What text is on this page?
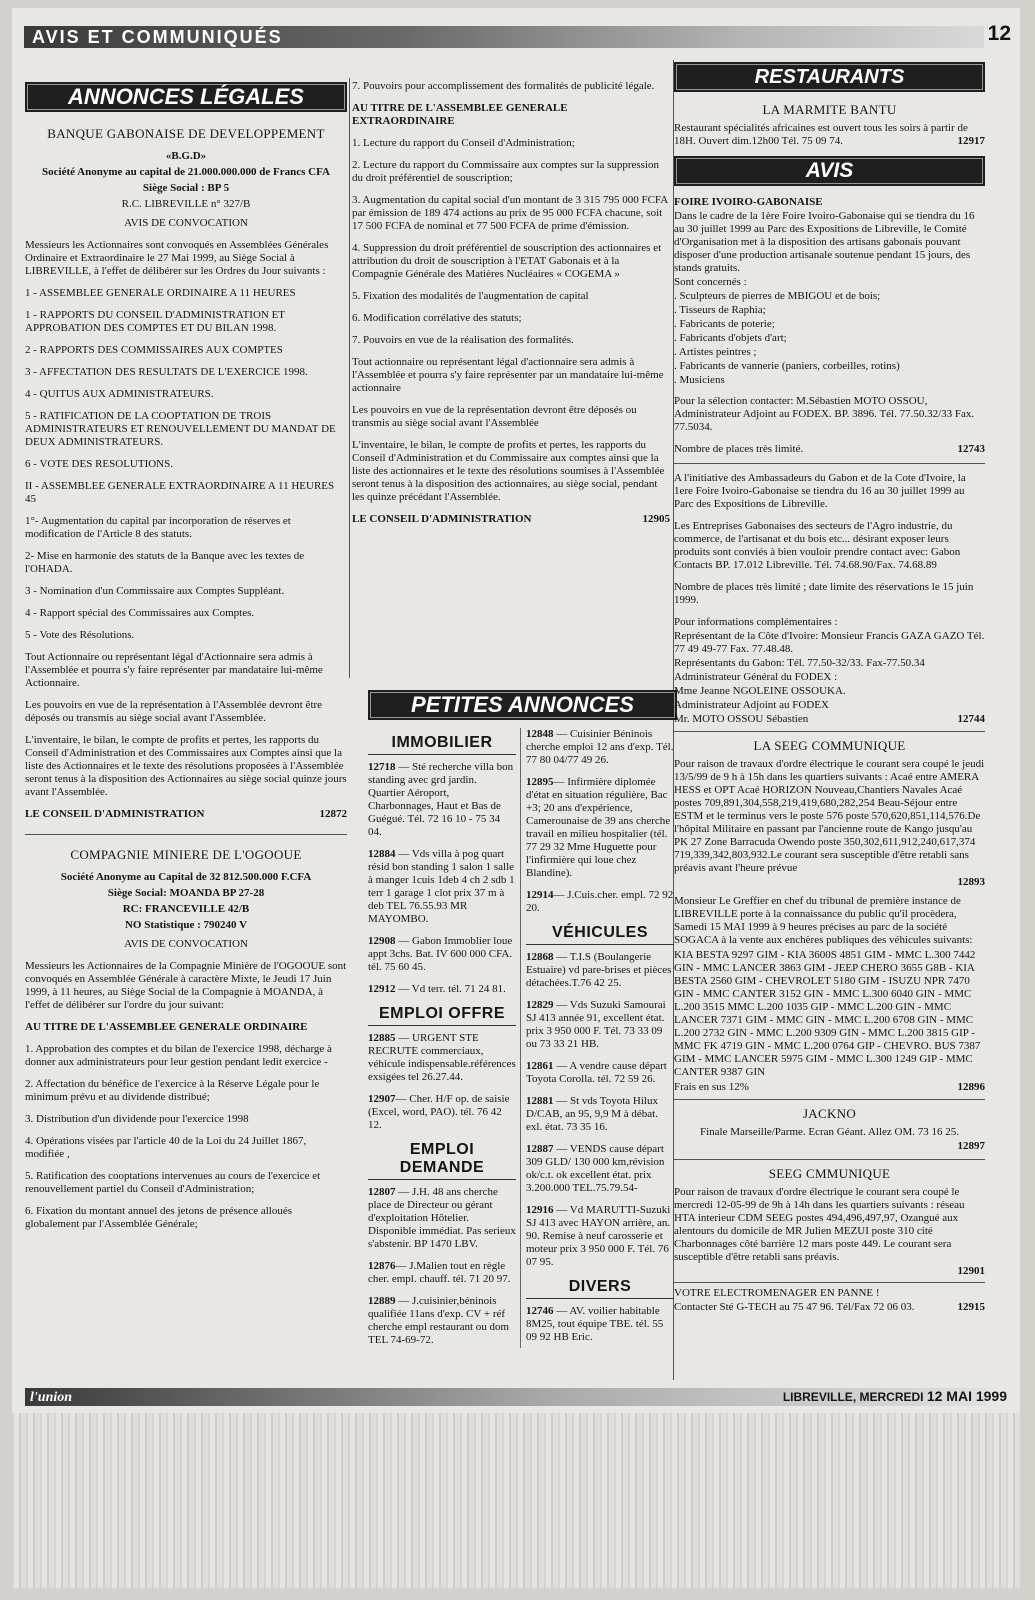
AVIS ET COMMUNIQUÉS	12
ANNONCES LÉGALES
BANQUE GABONAISE DE DEVELOPPEMENT

«B.G.D»

Société Anonyme au capital de 21.000.000.000 de Francs CFA

Siège Social : BP 5

R.C. LIBREVILLE n° 327/B

AVIS DE CONVOCATION

Messieurs les Actionnaires sont convoqués en Assemblées Générales Ordinaire et Extraordinaire le 27 Mai 1999, au Siège Social à LIBREVILLE, à l'effet de délibérer sur les Ordres du Jour suivants :

1 - ASSEMBLEE GENERALE ORDINAIRE A 11 HEURES

1 - RAPPORTS DU CONSEIL D'ADMINISTRATION ET APPROBATION DES COMPTES ET DU BILAN 1998.

2 - RAPPORTS DES COMMISSAIRES AUX COMPTES

3 - AFFECTATION DES RESULTATS DE L'EXERCICE 1998.

4 - QUITUS AUX ADMINISTRATEURS.

5 - RATIFICATION DE LA COOPTATION DE TROIS ADMINISTRATEURS ET RENOUVELLEMENT DU MANDAT DE DEUX ADMINISTRATEURS.

6 - VOTE DES RESOLUTIONS.

II - ASSEMBLEE GENERALE EXTRAORDINAIRE A 11 HEURES 45

1°- Augmentation du capital par incorporation de réserves et modification de l'Article 8 des statuts.

2- Mise en harmonie des statuts de la Banque avec les textes de l'OHADA.

3 - Nomination d'un Commissaire aux Comptes Suppléant.

4 - Rapport spécial des Commissaires aux Comptes.

5 - Vote des Résolutions.

Tout Actionnaire ou représentant légal d'Actionnaire sera admis à l'Assemblée et pourra s'y faire représenter par mandataire lui-même Actionnaire.

Les pouvoirs en vue de la représentation à l'Assemblée devront être déposés ou transmis au siège social avant l'Assemblée.

L'inventaire, le bilan, le compte de profits et pertes, les rapports du Conseil d'Administration et des Commissaires aux Comptes ainsi que la liste des Actionnaires et le texte des résolutions proposées à l'Assemblée seront tenus à la disposition des Actionnaires au siège social quinze jours avant l'Assemblée.

LE CONSEIL D'ADMINISTRATION	12872
COMPAGNIE MINIERE DE L'OGOOUE

Société Anonyme au Capital de 32 812.500.000 F.CFA

Siège Social: MOANDA BP 27-28

RC: FRANCEVILLE 42/B

NO Statistique : 790240 V

AVIS DE CONVOCATION

Messieurs les Actionnaires de la Compagnie Minière de l'OGOOUE sont convoqués en Assemblée Générale à caractère Mixte, le Jeudi 17 Juin 1999, à 11 heures, au Siège Social de la Compagnie à MOANDA, à l'effet de délibérer sur l'ordre du jour suivant:

AU TITRE DE L'ASSEMBLEE GENERALE ORDINAIRE

1. Approbation des comptes et du bilan de l'exercice 1998, décharge à donner aux administrateurs pour leur gestion pendant ledit exercice -

2. Affectation du bénéfice de l'exercice à la Réserve Légale pour le minimum prévu et au dividende distribué;

3. Distribution d'un dividende pour l'exercice 1998

4. Opérations visées par l'article 40 de la Loi du 24 Juillet 1867, modifiée ,

5. Ratification des cooptations intervenues au cours de l'exercice et renouvellement partiel du Conseil d'Administration;

6. Fixation du montant annuel des jetons de présence alloués globalement par l'Assemblée Générale;

7. Pouvoirs pour accomplissement des formalités de publicité légale.

AU TITRE DE L'ASSEMBLEE GENERALE EXTRAORDINAIRE

1. Lecture du rapport du Conseil d'Administration;

2. Lecture du rapport du Commissaire aux comptes sur la suppression du droit préférentiel de souscription;

3. Augmentation du capital social d'un montant de 3 315 795 000 FCFA par émission de 189 474 actions au prix de 95 000 FCFA chacune, soit 17 500 FCFA de nominal et 77 500 FCFA de prime d'émission.

4. Suppression du droit préférentiel de souscription des actionnaires et attribution du droit de souscription à l'ETAT Gabonais et à la Compagnie Générale des Matières Nucléaires « COGEMA »

5. Fixation des modalités de l'augmentation de capital

6. Modification corrélative des statuts;

7. Pouvoirs en vue de la réalisation des formalités.

Tout actionnaire ou représentant légal d'actionnaire sera admis à l'Assemblée et pourra s'y faire représenter par un mandataire lui-même actionnaire

Les pouvoirs en vue de la représentation devront être déposés ou transmis au siège social avant l'Assemblée

L'inventaire, le bilan, le compte de profits et pertes, les rapports du Conseil d'Administration et du Commissaire aux comptes ainsi que la liste des actionnaires et le texte des résolutions soumises à l'Assemblée seront tenus à la disposition des actionnaires, au siège social, pendant les quinze précédant l'Assemblée.

LE CONSEIL D'ADMINISTRATION	12905
PETITES ANNONCES
IMMOBILIER
12718 — Sté recherche villa bon standing avec grd jardin. Quartier Aéroport, Charbonnages, Haut et Bas de Guégué. Tél. 72 16 10 - 75 34 04.
12884 — Vds villa à pog quart résid bon standing 1 salon 1 salle à manger 1cuis 1deb 4 ch 2 sdb 1 terr 1 garage 1 clot prix 37 m à deb TEL 76.55.93 MR MAYOMBO.
12908 — Gabon Immoblier loue appt 3chs. Bat. IV 600 000 CFA. tél. 75 60 45.
12912 — Vd terr. tél. 71 24 81.
EMPLOI OFFRE
12885 — URGENT STE RECRUTE commerciaux, véhicule indispensable.références exsigées tel 26.27.44.
12907— Cher. H/F op. de saisie (Excel, word, PAO). tél. 76 42 12.
EMPLOI DEMANDE
12807 — J.H. 48 ans cherche place de Directeur ou gérant d'exploitation Hôtelier. Disponible immédiat. Pas serieux s'abstenir. BP 1470 LBV.
12876— J.Malien tout en règle cher. empl. chauff. tél. 71 20 97.
12889 — J.cuisinier,béninois qualifiée 11ans d'exp. CV + réf cherche empl restaurant ou dom TEL 74-69-72.
12848 — Cuisinier Béninois cherche emploi 12 ans d'exp. Tél. 77 80 04/77 49 26.
12895— Infirmière diplomée d'état en situation régulière, Bac +3; 20 ans d'expérience, Camerounaise de 39 ans cherche travail en milieu hospitalier (tél. 77 29 32 Mme Huguette pour l'infirmière qui loue chez Blandine).
12914— J.Cuis.cher. empl. 72 92 20.
VÉHICULES
12868 — T.I.S (Boulangerie Estuaire) vd pare-brises et pièces détachées.T.76 42 25.
12829 — Vds Suzuki Samourai SJ 413 année 91, excellent état. prix 3 950 000 F. Tél. 73 33 09 ou 73 33 21 HB.
12861 — A vendre cause départ Toyota Corolla. tél. 72 59 26.
12881 — St vds Toyota Hilux D/CAB, an 95, 9,9 M à débat. exl. état. 73 35 16.
12887 — VENDS cause départ 309 GLD/ 130 000 km,révision ok/c.t. ok excellent état. prix 3.200.000 TEL.75.79.54-
12916 — Vd MARUTTI-Suzuki SJ 413 avec HAYON arrière, an. 90. Remise à neuf carosserie et moteur prix 3 950 000 F. Tél. 76 07 95.
DIVERS
12746 — AV. voilier habitable 8M25, tout équipe TBE. tél. 55 09 92 HB Eric.
RESTAURANTS
LA MARMITE BANTU

Restaurant spécialités africaines est ouvert tous les soirs à partir de 18H. Ouvert dim.12h00 Tél. 75 09 74.	12917

AVIS

FOIRE IVOIRO-GABONAISE

Dans le cadre de la 1ère Foire Ivoiro-Gabonaise qui se tiendra du 16 au 30 juillet 1999 au Parc des Expositions de Libreville, le Comité d'Organisation met à la disposition des artisans gabonais pouvant disposer d'une production artisanale soutenue pendant 15 jours, des stands gratuits.

Sont concernés :

. Sculpteurs de pierres de MBIGOU et de bois;

. Tisseurs de Raphia;

. Fabricants de poterie;

. Fabricants d'objets d'art;

. Artistes peintres ;

. Fabricants de vannerie (paniers, corbeilles, rotins)

. Musiciens

Pour la sélection contacter: M.Sébastien MOTO OSSOU, Administrateur Adjoint au FODEX. BP. 3896. Tél. 77.50.32/33 Fax. 77.5034.

Nombre de places très limité.	12743

A l'initiative des Ambassadeurs du Gabon et de la Cote d'Ivoire, la 1ere Foire Ivoiro-Gabonaise se tiendra du 16 au 30 juillet 1999 au Parc des Expositions de Libreville.

Les Entreprises Gabonaises des secteurs de l'Agro industrie, du commerce, de l'artisanat et du bois etc... désirant exposer leurs produits sont conviés à bien vouloir prendre contact avec: Gabon Contacts BP. 17.012 Libreville. Tél. 74.68.90/Fax. 74.68.89

Nombre de places très limité ; date limite des réservations le 15 juin 1999.

Pour informations complémentaires :

Représentant de la Côte d'Ivoire: Monsieur Francis GAZA GAZO Tél. 77 49 49-77 Fax. 77.48.48.

Représentants du Gabon: Tél. 77.50-32/33. Fax-77.50.34

Administrateur Général du FODEX :

Mme Jeanne NGOLEINE OSSOUKA.

Administrateur Adjoint au FODEX

Mr. MOTO OSSOU Sébastien	12744
LA SEEG COMMUNIQUE

Pour raison de travaux d'ordre électrique le courant sera coupé le jeudi 13/5/99 de 9 h à 15h dans les quartiers suivants : Acaé entre AMERA HESS et OPT Acaé HORIZON Nouveau,Chantiers Navales Acaé postes 709,891,304,558,219,419,680,282,254 Beau-Séjour entre ESTM et le terminus vers le poste 576 poste 570,620,851,114,576.De l'hôpital Militaire en passant par l'ancienne route de Kango jusqu'au PK 27 Zone Barracuda Owendo poste 350,302,611,912,240,617,374 719,339,342,803,932.Le courant sera susceptible d'être retabli sans préavis avant l'heure prévue

12893

Monsieur Le Greffier en chef du tribunal de première instance de LIBREVILLE porte à la connaissance du public qu'il procèdera, Samedi 15 MAI 1999 à 9 heures précises au parc de la société SOGACA à la vente aux enchères publiques des véhicules suivants:

KIA BESTA 9297 GIM - KIA 3600S 4851 GIM - MMC L.300 7442 GIN - MMC LANCER 3863 GIM - JEEP CHERO 3655 G8B - KIA BESTA 2560 GIM - CHEVROLET 5180 GIM - ISUZU NPR 7470 GIN - MMC CANTER 3152 GIN - MMC L.300 6040 GIN - MMC L.200 3515 MMC L.200 1035 GIP - MMC L.200 GIN - MMC LANCER 7371 GIM - MMC GIN - MMC L.200 6708 GIN - MMC L.200 2732 GIN - MMC L.200 9309 GIN - MMC L.200 3815 GIP - MMC FK 4719 GIN - MMC L.200 0764 GIP - CHEVRO. BUS 7387 GIM - MMC LANCER 5975 GIM - MMC L.300 1249 GIP - MMC CANTER 9387 GIN

Frais en sus 12%	12896
JACKNO

Finale Marseille/Parme. Ecran Géant. Allez OM. 73 16 25.

12897

SEEG CMMUNIQUE

Pour raison de travaux d'ordre électrique le courant sera coupé le mercredi 12-05-99 de 9h à 14h dans les quartiers suivants : réseau HTA interieur CDM SEEG postes 494,496,497,97, Ozangué aux alentours du domicile de MR Julien MEZUI poste 310 cité Charbonnages côté barrière 12 mars poste 449. Le courant sera susceptible d'être retabli sans préavis.

12901

VOTRE ELECTROMENAGER EN PANNE !

Contacter Sté G-TECH au 75 47 96. Tél/Fax 72 06 03.	12915
l'union	LIBREVILLE, MERCREDI 12 MAI 1999
